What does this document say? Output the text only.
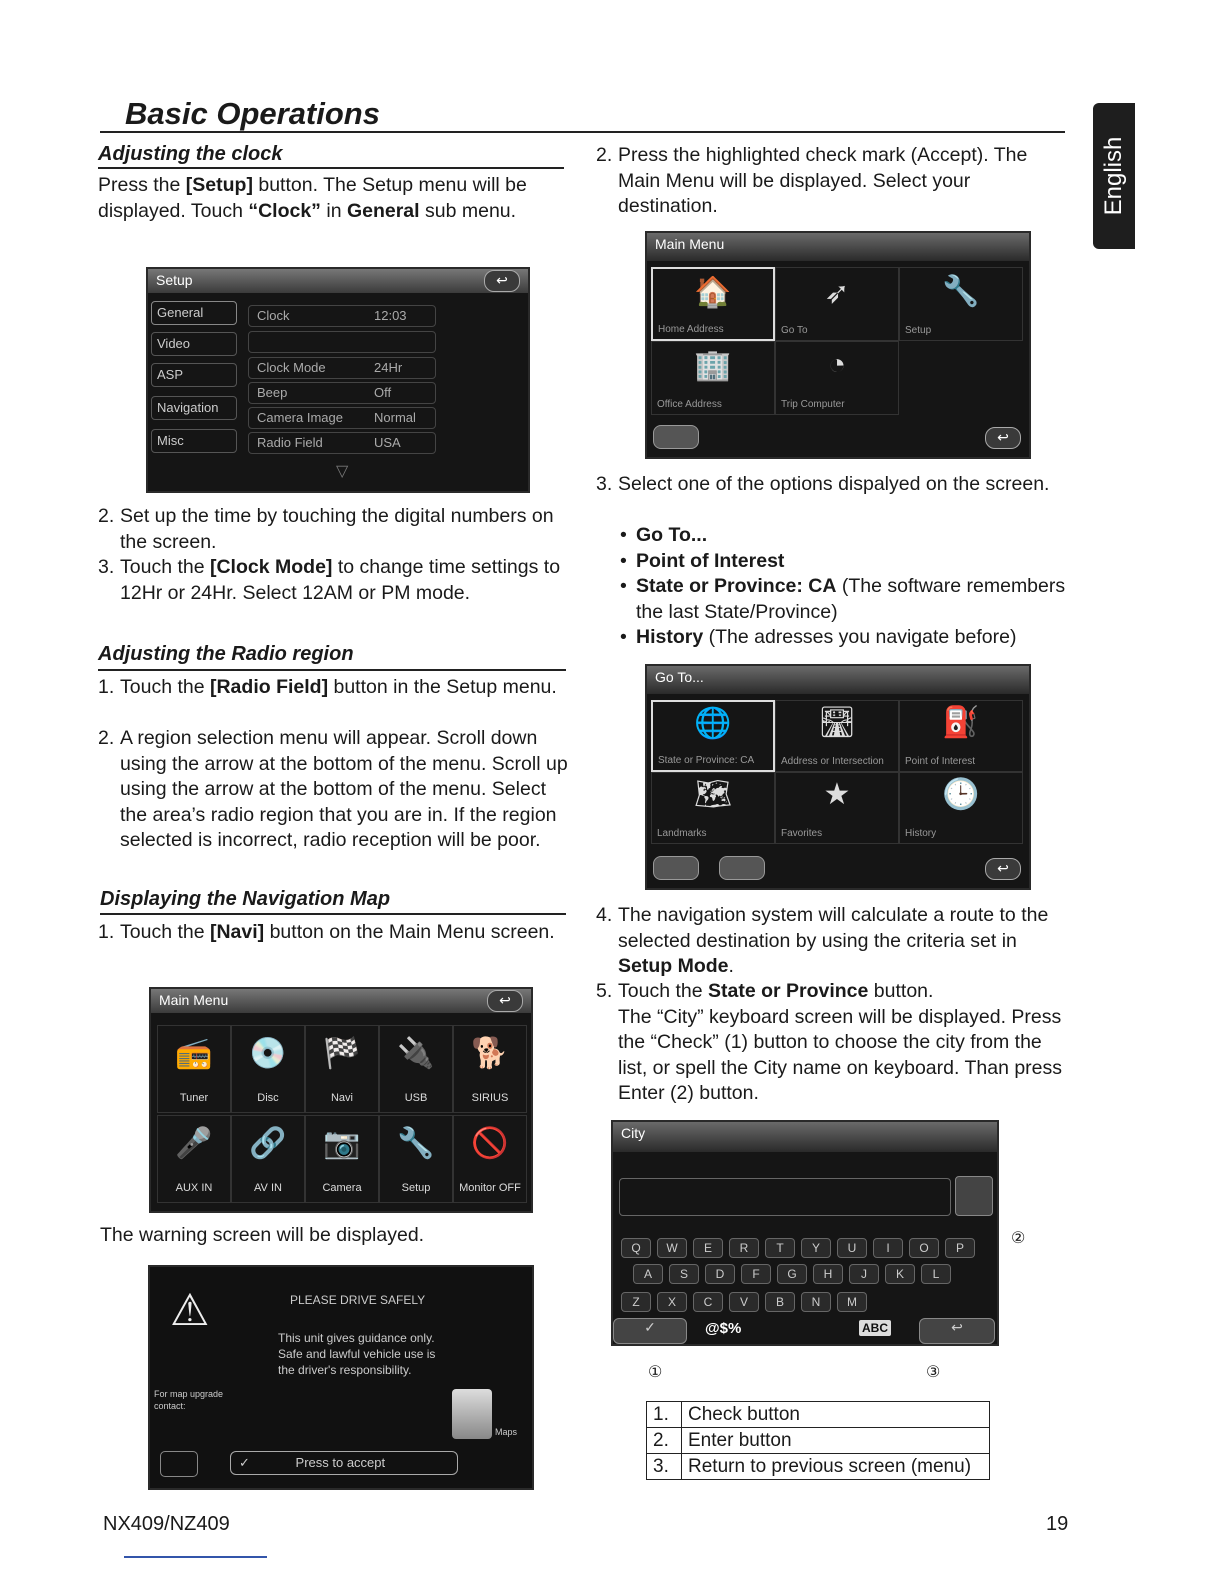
Basic Operations
English
Adjusting the clock
Press the [Setup] button. The Setup menu will be displayed. Touch “Clock” in General sub menu.
Setup	↩
General
Video
ASP
Navigation
Misc
Clock	12:03
Clock Mode	24Hr
Beep	Off
Camera Image Normal
Radio Field	USA
▽
2. Set up the time by touching the digital numbers on the screen.
3. Touch the [Clock Mode] to change time settings to 12Hr or 24Hr. Select 12AM or PM mode.
Adjusting the Radio region
1. Touch the [Radio Field] button in the Setup menu.
2. A region selection menu will appear. Scroll down using the arrow at the bottom of the menu. Scroll up using the arrow at the bottom of the menu. Select the area’s radio region that you are in. If the region selected is incorrect, radio reception will be poor.
Displaying the Navigation Map
1. Touch the [Navi] button on the Main Menu screen.
Main Menu	↩
📻
Tuner
💿
Disc
🏁
Navi
🔌
USB
🐕
SIRIUS
🎤
AUX IN
🔗
AV IN
📷
Camera
🔧
Setup
🚫
Monitor OFF
The warning screen will be displayed.
⚠	PLEASE DRIVE SAFELY
This unit gives guidance only.
Safe and lawful vehicle use is
the driver's responsibility.
For map upgrade
contact:
Maps
✓	Press to accept
2. Press the highlighted check mark (Accept). The Main Menu will be displayed. Select your destination.
Main Menu
🏠
Home Address
➶
Go To
🔧
Setup
🏢
Office Address
◔
Trip Computer
↩
3. Select one of the options dispalyed on the screen.
• Go To...
• Point of Interest
• State or Province: CA (The software remembers the last State/Province)
• History (The adresses you navigate before)
Go To...
🌐
State or Province: CA
🛣
Address or Intersection
⛽
Point of Interest
🗺
Landmarks
★
Favorites
🕒
History
↩
4. The navigation system will calculate a route to the selected destination by using the criteria set in Setup Mode.
5. Touch the State or Province button.
The “City” keyboard screen will be displayed. Press the “Check” (1) button to choose the city from the list, or spell the City name on keyboard. Than press Enter (2) button.
City
✓	@$%	ABC	↩
Q	W	E	R	T	Y	U	I	O	P
A	S	D	F	G	H	J	K	L
Z	X	C	V	B	N	M
②
①	③
1.	Check button
2.	Enter button
3.	Return to previous screen (menu)
NX409/NZ409	19
